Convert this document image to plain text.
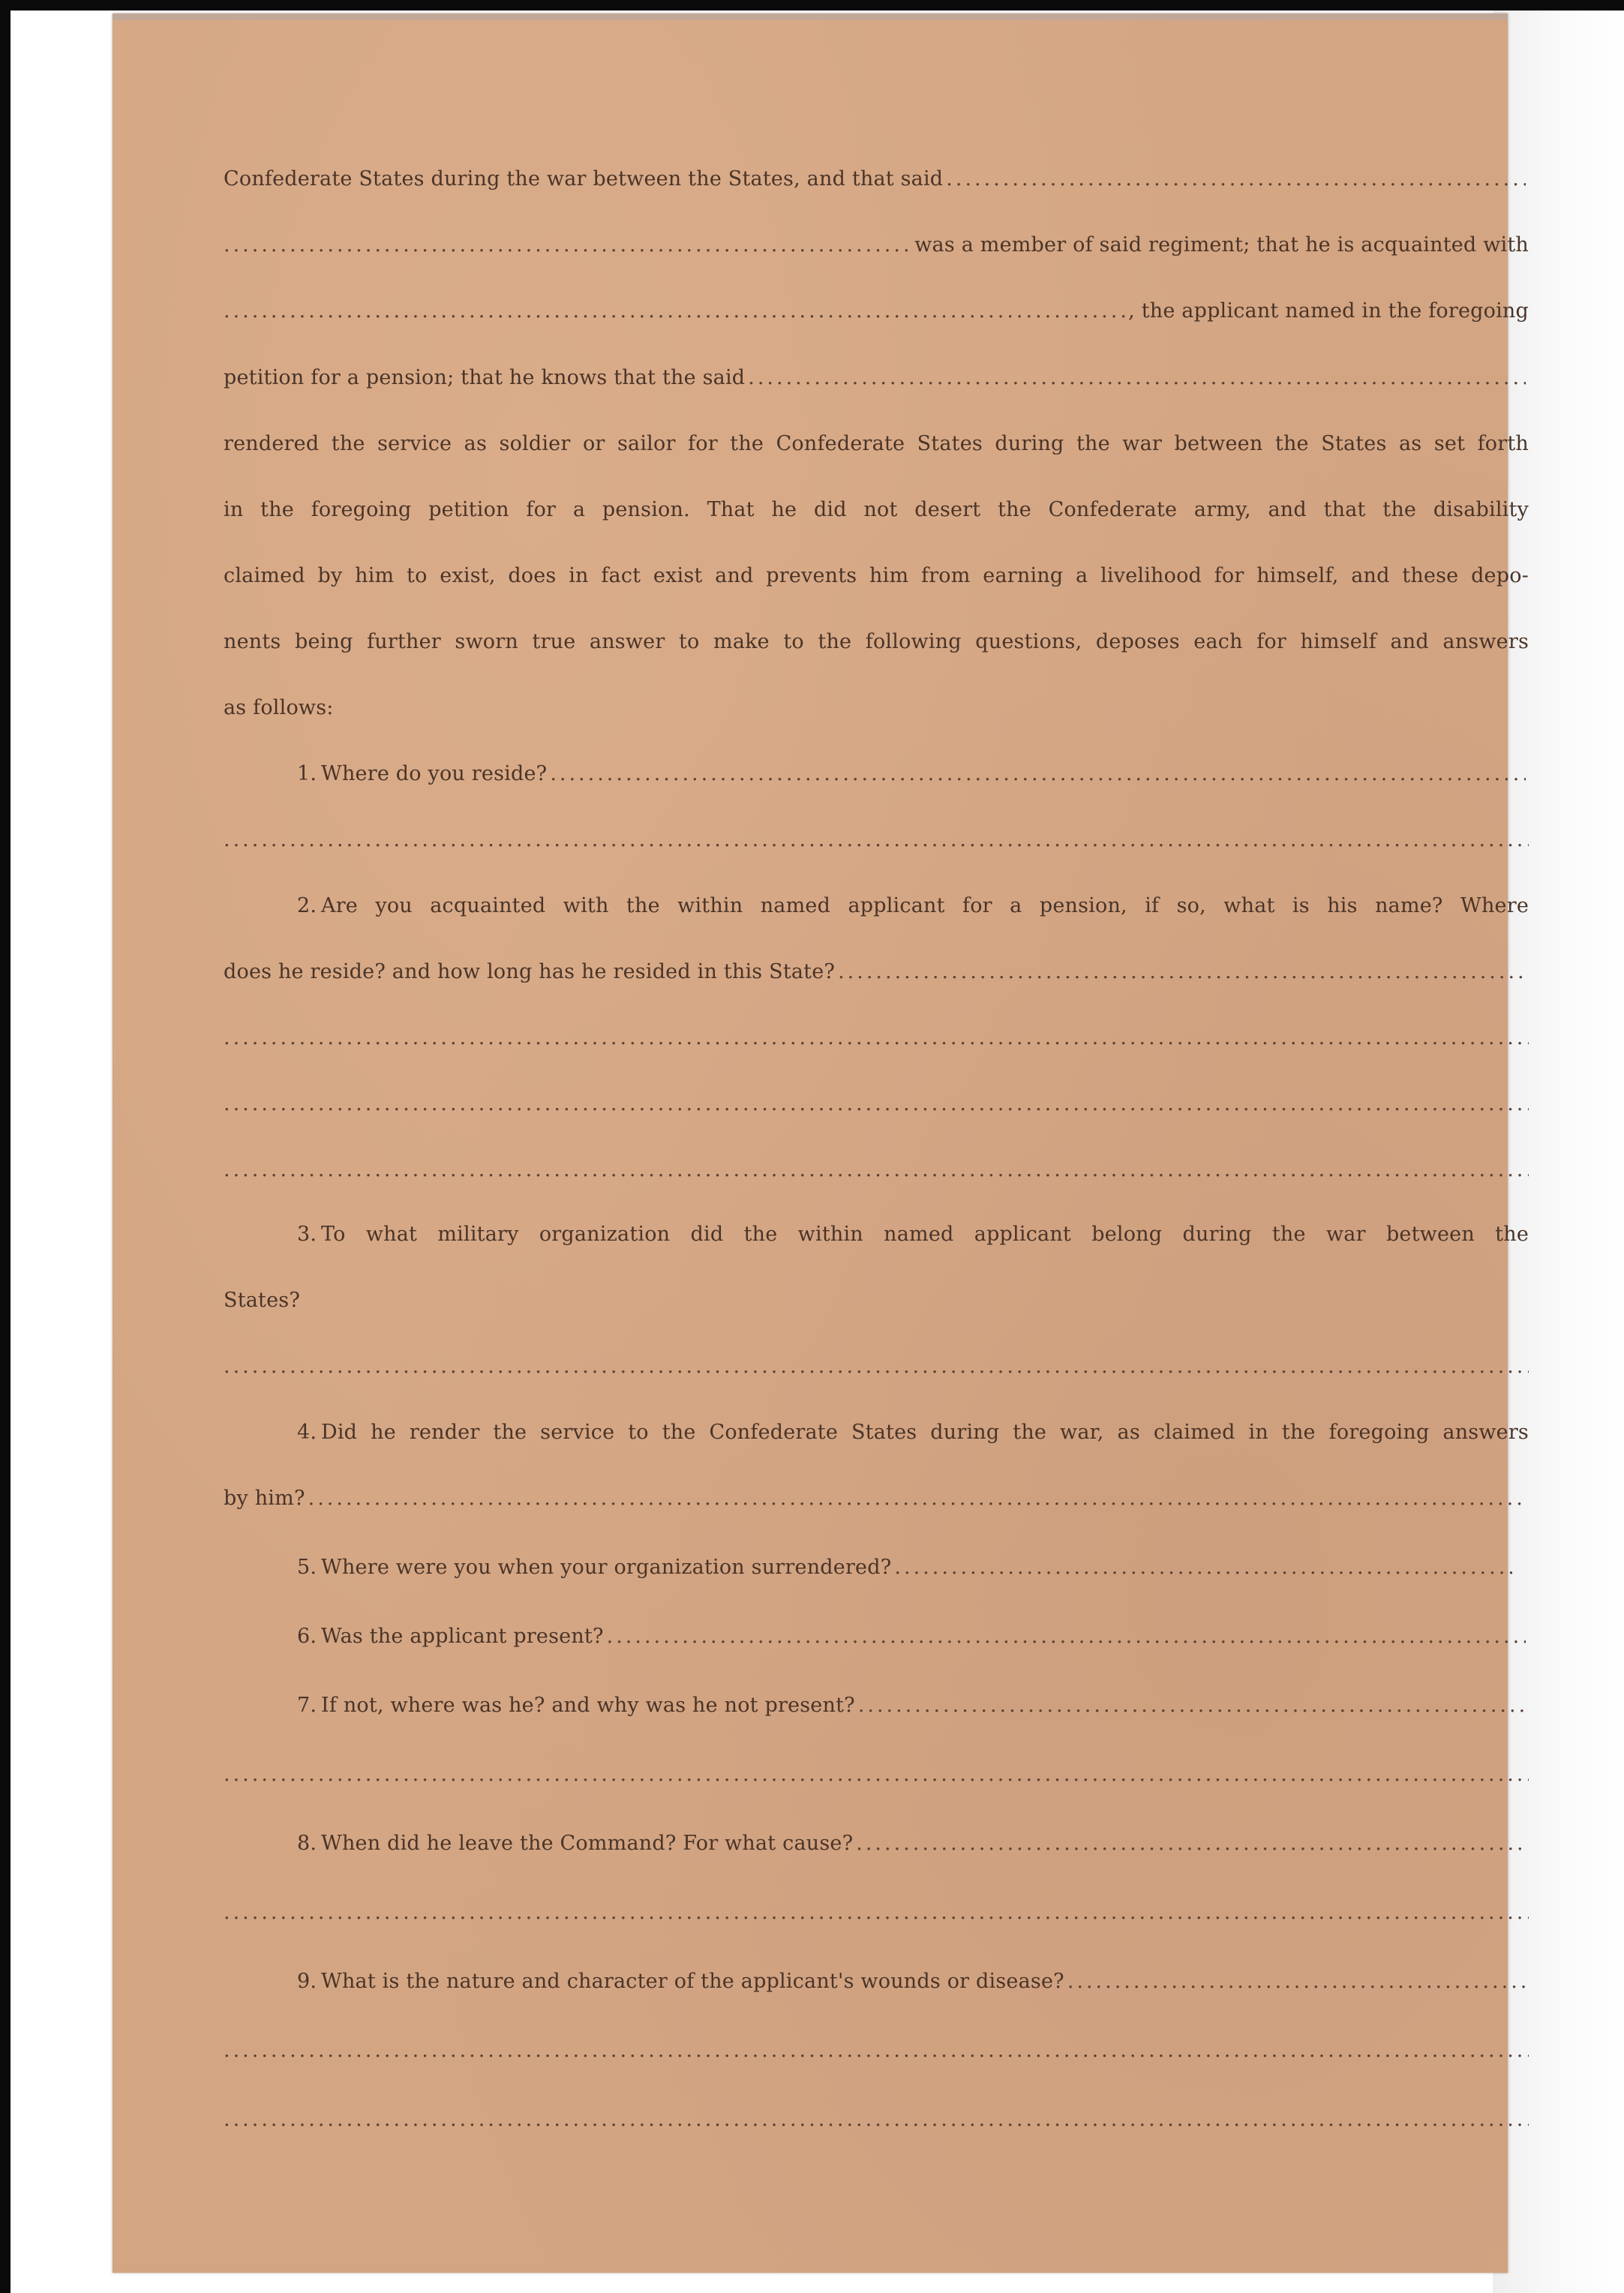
Confederate States during the war between the States, and that said
.....
.....
was a member of said regiment; that he is acquainted with
.....
, the applicant named in the foregoing
petition for a pension; that he knows that the said
.....
rendered the service as soldier or sailor for the Confederate States during the war between the States as set forth
in the foregoing petition for a pension. That he did not desert the Confederate army, and that the disability
claimed by him to exist, does in fact exist and prevents him from earning a livelihood for himself, and these depo-
nents being further sworn true answer to make to the following questions, deposes each for himself and answers
as follows:
1. Where do you reside?
.....
.....
2. Are you acquainted with the within named applicant for a pension, if so, what is his name? Where
does he reside? and how long has he resided in this State?
.....
.....
.....
.....
3. To what military organization did the within named applicant belong during the war between the
States?
.....
4. Did he render the service to the Confederate States during the war, as claimed in the foregoing answers
by him?
.....
5. Where were you when your organization surrendered?
.....
6. Was the applicant present?
.....
7. If not, where was he? and why was he not present?
.....
.....
8. When did he leave the Command? For what cause?
.....
.....
9. What is the nature and character of the applicant's wounds or disease?
.....
.....
.....
